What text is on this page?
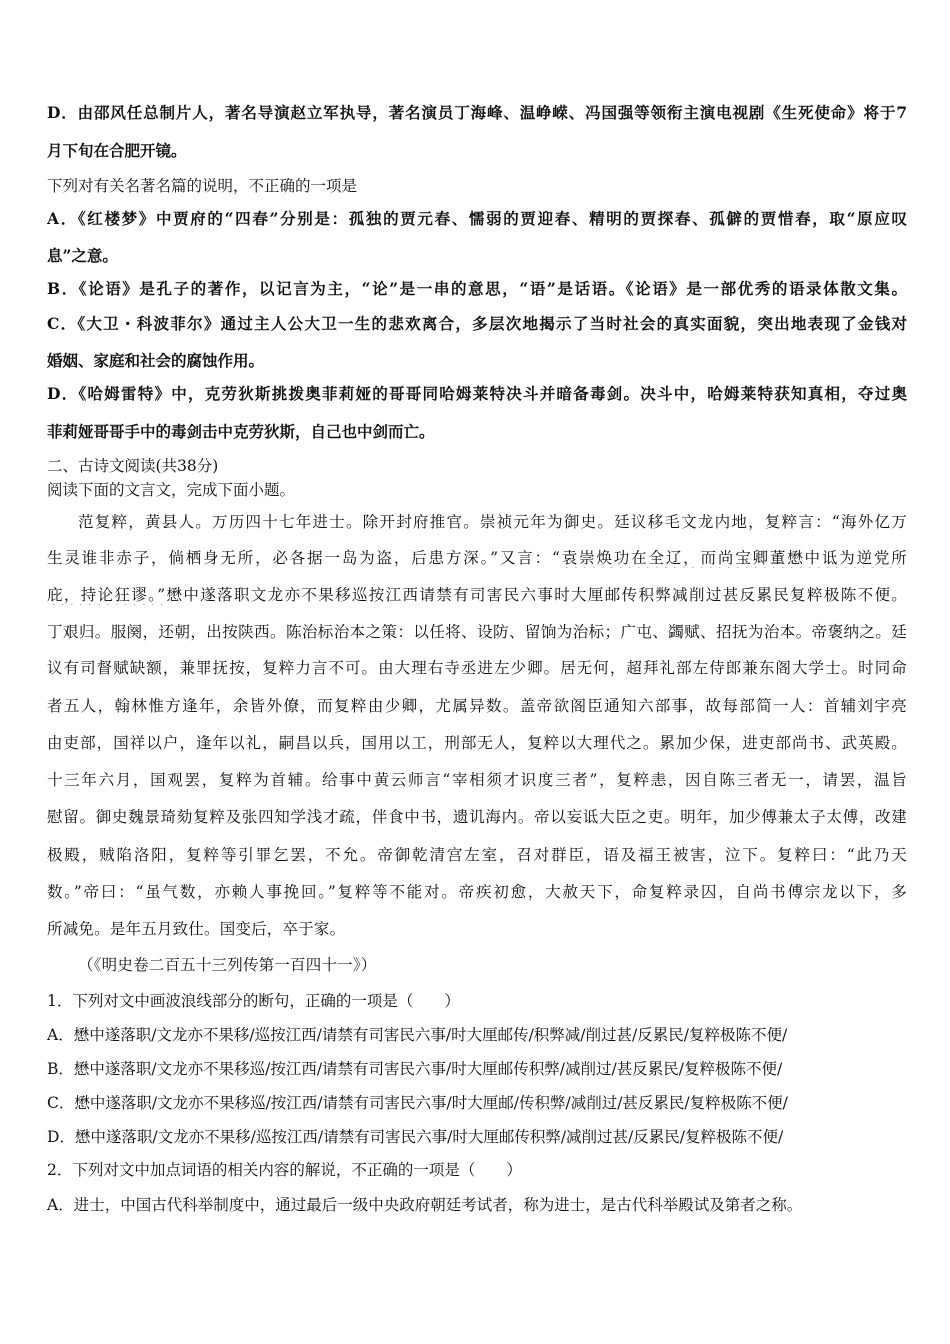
D．由邵风任总制片人，著名导演赵立军执导，著名演员丁海峰、温峥嵘、冯国强等领衔主演电视剧《生死使命》将于7
月下旬在合肥开镜。
下列对有关名著名篇的说明，不正确的一项是
A．《红楼梦》中贾府的“四春”分别是：孤独的贾元春、懦弱的贾迎春、精明的贾探春、孤僻的贾惜春，取“原应叹
息”之意。
B．《论语》是孔子的著作，以记言为主，“论”是一串的意思，“语”是话语。《论语》是一部优秀的语录体散文集。
C．《大卫・科波菲尔》通过主人公大卫一生的悲欢离合，多层次地揭示了当时社会的真实面貌，突出地表现了金钱对
婚姻、家庭和社会的腐蚀作用。
D．《哈姆雷特》中，克劳狄斯挑拨奥菲莉娅的哥哥同哈姆莱特决斗并暗备毒剑。决斗中，哈姆莱特获知真相，夺过奥
菲莉娅哥哥手中的毒剑击中克劳狄斯，自己也中剑而亡。
二、古诗文阅读(共38分)
阅读下面的文言文，完成下面小题。
范复粹，黄县人。万历四十七年进士。除开封府推官。崇祯元年为御史。廷议移毛文龙内地，复粹言：“海外亿万
生灵谁非赤子，倘栖身无所，必各据一岛为盗，后患方深。”又言：“袁崇焕功在全辽，而尚宝卿董懋中诋为逆党所
庇，持论狂谬。”懋中遂落职文龙亦不果移巡按江西请禁有司害民六事时大厘邮传积弊减削过甚反累民复粹极陈不便。
丁艰归。服阕，还朝，出按陕西。陈治标治本之策：以任将、设防、留饷为治标；广屯、蠲赋、招抚为治本。帝褒纳之。廷
议有司督赋缺额，兼罪抚按，复粹力言不可。由大理右寺丞进左少卿。居无何，超拜礼部左侍郎兼东阁大学士。时同命
者五人，翰林惟方逢年，余皆外僚，而复粹由少卿，尤属异数。盖帝欲阁臣通知六部事，故每部简一人：首辅刘宇亮
由吏部，国祥以户，逢年以礼，嗣昌以兵，国用以工，刑部无人，复粹以大理代之。累加少保，进吏部尚书、武英殿。
十三年六月，国观罢，复粹为首辅。给事中黄云师言“宰相须才识度三者”，复粹恚，因自陈三者无一，请罢，温旨
慰留。御史魏景琦劾复粹及张四知学浅才疏，伴食中书，遗讥海内。帝以妄诋大臣之吏。明年，加少傅兼太子太傅，改建
极殿，贼陷洛阳，复粹等引罪乞罢，不允。帝御乾清宫左室，召对群臣，语及福王被害，泣下。复粹曰：“此乃天
数。”帝曰：“虽气数，亦赖人事挽回。”复粹等不能对。帝疾初愈，大赦天下，命复粹录囚，自尚书傅宗龙以下，多
所减免。是年五月致仕。国变后，卒于家。
（《明史卷二百五十三列传第一百四十一》）
1．下列对文中画波浪线部分的断句，正确的一项是（　　）
A．懋中遂落职/文龙亦不果移/巡按江西/请禁有司害民六事/时大厘邮传/积弊减/削过甚/反累民/复粹极陈不便/
B．懋中遂落职/文龙亦不果移巡/按江西/请禁有司害民六事/时大厘邮传积弊/减削过/甚反累民/复粹极陈不便/
C．懋中遂落职/文龙亦不果移巡/按江西/请禁有司害民六事/时大厘邮/传积弊/减削过/甚反累民/复粹极陈不便/
D．懋中遂落职/文龙亦不果移/巡按江西/请禁有司害民六事/时大厘邮传积弊/减削过甚/反累民/复粹极陈不便/
2．下列对文中加点词语的相关内容的解说，不正确的一项是（　　）
A．进士，中国古代科举制度中，通过最后一级中央政府朝廷考试者，称为进士，是古代科举殿试及第者之称。
